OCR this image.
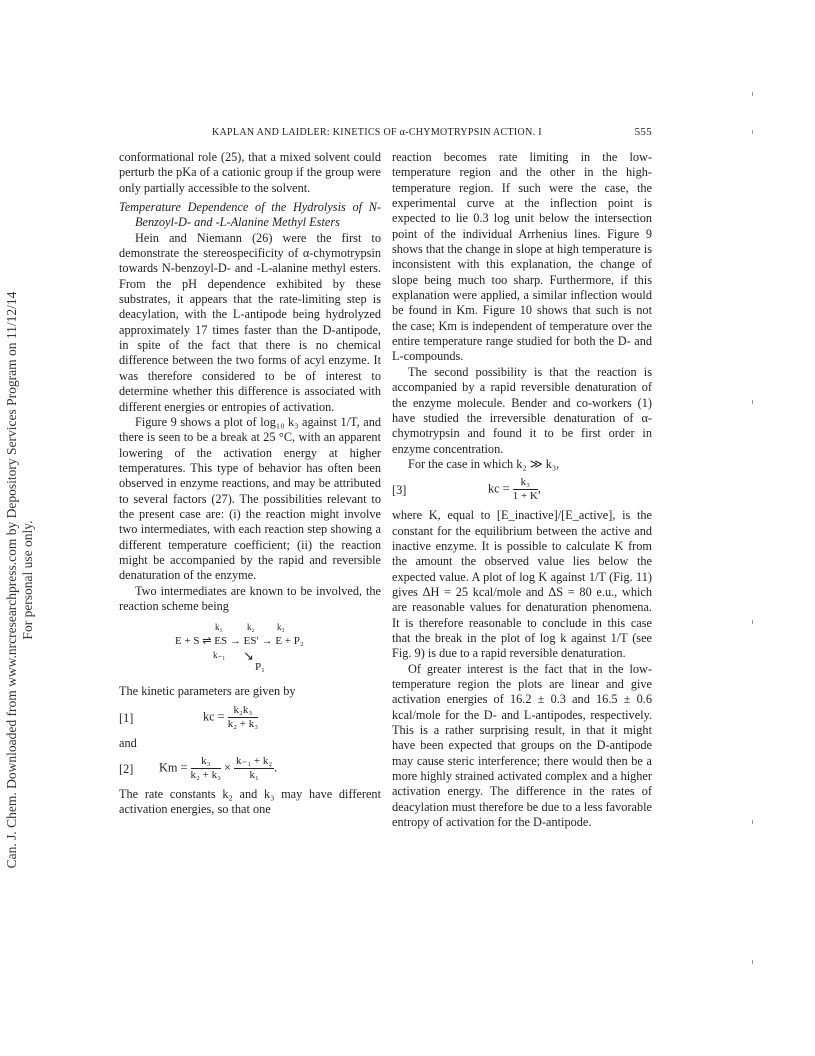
Can. J. Chem. Downloaded from www.nrcresearchpress.com by Depository Services Program on 11/12/14 For personal use only.
KAPLAN AND LAIDLER: KINETICS OF α-CHYMOTRYPSIN ACTION. I	555

conformational role (25), that a mixed solvent could perturb the pKa of a cationic group if the group were only partially accessible to the solvent.

Temperature Dependence of the Hydrolysis of N-Benzoyl-D- and -L-Alanine Methyl Esters

Hein and Niemann (26) were the first to demonstrate the stereospecificity of α-chymotrypsin towards N-benzoyl-D- and -L-alanine methyl esters. From the pH dependence exhibited by these substrates, it appears that the rate-limiting step is deacylation, with the L-antipode being hydrolyzed approximately 17 times faster than the D-antipode, in spite of the fact that there is no chemical difference between the two forms of acyl enzyme. It was therefore considered to be of interest to determine whether this difference is associated with different energies or entropies of activation.

Figure 9 shows a plot of log₁₀ k₃ against 1/T, and there is seen to be a break at 25 °C, with an apparent lowering of the activation energy at higher temperatures. This type of behavior has often been observed in enzyme reactions, and may be attributed to several factors (27). The possibilities relevant to the present case are: (i) the reaction might involve two intermediates, with each reaction step showing a different temperature coefficient; (ii) the reaction might be accompanied by the rapid and reversible denaturation of the enzyme.

Two intermediates are known to be involved, the reaction scheme being

E + S ⇌ ES → ES′ → E + P₂
k₁
k₋₁
k₂ k₃
↘
P₁

The kinetic parameters are given by

[1]	kc = $\frac{\text{k₂k₃}}{\text{k₂ + k₃}}$

and

[2] $Km = \frac{\text{k₃}}{\text{k₂ + k₃}} \times \frac{\text{k₋₁ + k₂}}{\text{k₁}}$ .

The rate constants k₂ and k₃ may have different activation energies, so that one

reaction becomes rate limiting in the low-temperature region and the other in the high-temperature region. If such were the case, the experimental curve at the inflection point is expected to lie 0.3 log unit below the intersection point of the individual Arrhenius lines. Figure 9 shows that the change in slope at high temperature is inconsistent with this explanation, the change of slope being much too sharp. Furthermore, if this explanation were applied, a similar inflection would be found in Km. Figure 10 shows that such is not the case; Km is independent of temperature over the entire temperature range studied for both the D- and L-compounds.

The second possibility is that the reaction is accompanied by a rapid reversible denaturation of the enzyme molecule. Bender and co-workers (1) have studied the irreversible denaturation of α-chymotrypsin and found it to be first order in enzyme concentration.

For the case in which k₂ ≫ k₃,

[3]	kc = $\frac{\text{k₃}}{1 + K}$ ,

where K, equal to [E_inactive]/[E_active], is the constant for the equilibrium between the active and inactive enzyme. It is possible to calculate K from the amount the observed value lies below the expected value. A plot of log K against 1/T (Fig. 11) gives ΔH = 25 kcal/mole and ΔS = 80 e.u., which are reasonable values for denaturation phenomena. It is therefore reasonable to conclude in this case that the break in the plot of log k against 1/T (see Fig. 9) is due to a rapid reversible denaturation.

Of greater interest is the fact that in the low-temperature region the plots are linear and give activation energies of 16.2 ± 0.3 and 16.5 ± 0.6 kcal/mole for the D- and L-antipodes, respectively. This is a rather surprising result, in that it might have been expected that groups on the D-antipode may cause steric interference; there would then be a more highly strained activated complex and a higher activation energy. The difference in the rates of deacylation must therefore be due to a less favorable entropy of activation for the D-antipode.
